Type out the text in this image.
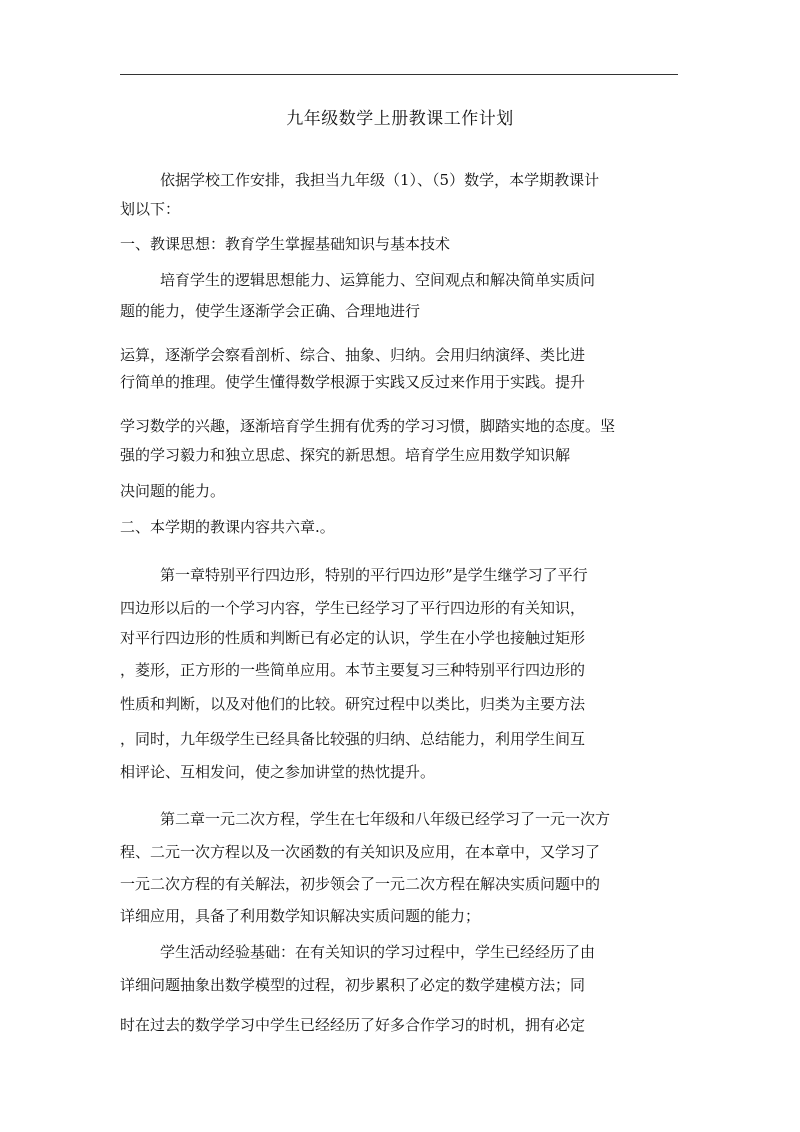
九年级数学上册教课工作计划
依据学校工作安排，我担当九年级（1）、（5）数学，本学期教课计
划以下：
一、教课思想：教育学生掌握基础知识与基本技术
培育学生的逻辑思想能力、运算能力、空间观点和解决简单实质问
题的能力，使学生逐渐学会正确、合理地进行
运算，逐渐学会察看剖析、综合、抽象、归纳。会用归纳演绎、类比进
行简单的推理。使学生懂得数学根源于实践又反过来作用于实践。提升
学习数学的兴趣，逐渐培育学生拥有优秀的学习习惯，脚踏实地的态度。坚
强的学习毅力和独立思虑、探究的新思想。培育学生应用数学知识解
决问题的能力。
二、本学期的教课内容共六章.。
第一章特别平行四边形，特别的平行四边形”是学生继学习了平行
四边形以后的一个学习内容，学生已经学习了平行四边形的有关知识，
对平行四边形的性质和判断已有必定的认识，学生在小学也接触过矩形
，菱形，正方形的一些简单应用。本节主要复习三种特别平行四边形的
性质和判断，以及对他们的比较。研究过程中以类比，归类为主要方法
，同时，九年级学生已经具备比较强的归纳、总结能力，利用学生间互
相评论、互相发问，使之参加讲堂的热忱提升。
第二章一元二次方程，学生在七年级和八年级已经学习了一元一次方
程、二元一次方程以及一次函数的有关知识及应用，在本章中，又学习了
一元二次方程的有关解法，初步领会了一元二次方程在解决实质问题中的
详细应用，具备了利用数学知识解决实质问题的能力；
学生活动经验基础：在有关知识的学习过程中，学生已经经历了由
详细问题抽象出数学模型的过程，初步累积了必定的数学建模方法；同
时在过去的数学学习中学生已经经历了好多合作学习的时机，拥有必定
